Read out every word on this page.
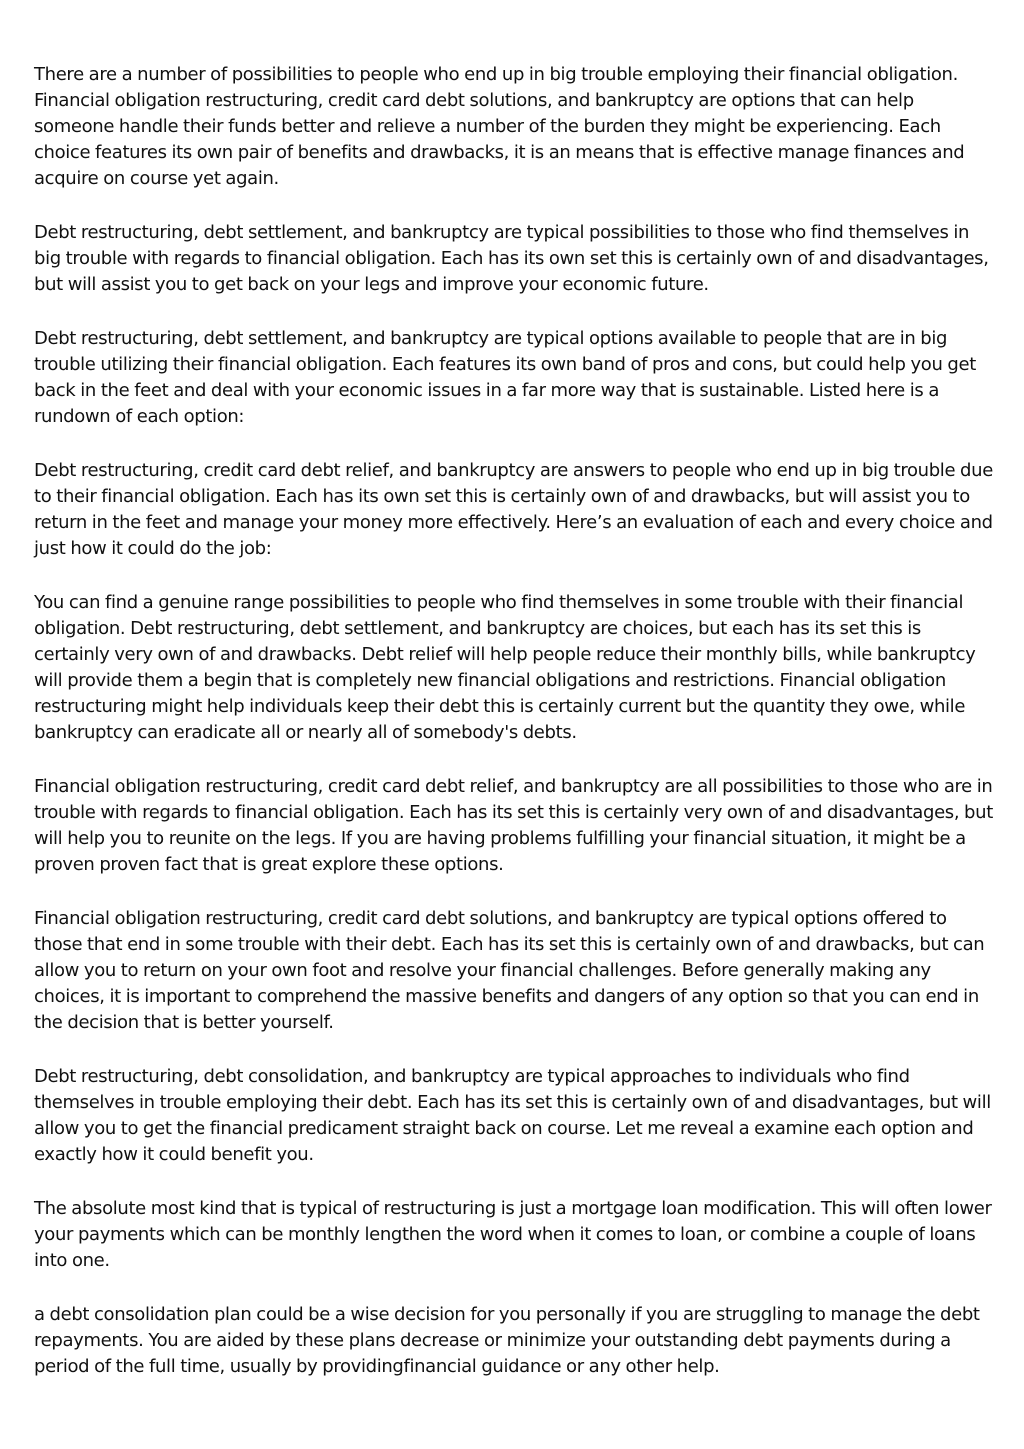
There are a number of possibilities to people who end up in big trouble employing their financial obligation. Financial obligation restructuring, credit card debt solutions, and bankruptcy are options that can help someone handle their funds better and relieve a number of the burden they might be experiencing. Each choice features its own pair of benefits and drawbacks, it is an means that is effective manage finances and acquire on course yet again.

Debt restructuring, debt settlement, and bankruptcy are typical possibilities to those who find themselves in big trouble with regards to financial obligation. Each has its own set this is certainly own of and disadvantages, but will assist you to get back on your legs and improve your economic future.

Debt restructuring, debt settlement, and bankruptcy are typical options available to people that are in big trouble utilizing their financial obligation. Each features its own band of pros and cons, but could help you get back in the feet and deal with your economic issues in a far more way that is sustainable. Listed here is a rundown of each option:

Debt restructuring, credit card debt relief, and bankruptcy are answers to people who end up in big trouble due to their financial obligation. Each has its own set this is certainly own of and drawbacks, but will assist you to return in the feet and manage your money more effectively. Here’s an evaluation of each and every choice and just how it could do the job:

You can find a genuine range possibilities to people who find themselves in some trouble with their financial obligation. Debt restructuring, debt settlement, and bankruptcy are choices, but each has its set this is certainly very own of and drawbacks. Debt relief will help people reduce their monthly bills, while bankruptcy will provide them a begin that is completely new financial obligations and restrictions. Financial obligation restructuring might help individuals keep their debt this is certainly current but the quantity they owe, while bankruptcy can eradicate all or nearly all of somebody's debts.

Financial obligation restructuring, credit card debt relief, and bankruptcy are all possibilities to those who are in trouble with regards to financial obligation. Each has its set this is certainly very own of and disadvantages, but will help you to reunite on the legs. If you are having problems fulfilling your financial situation, it might be a proven proven fact that is great explore these options.

Financial obligation restructuring, credit card debt solutions, and bankruptcy are typical options offered to those that end in some trouble with their debt. Each has its set this is certainly own of and drawbacks, but can allow you to return on your own foot and resolve your financial challenges. Before generally making any choices, it is important to comprehend the massive benefits and dangers of any option so that you can end in the decision that is better yourself.

Debt restructuring, debt consolidation, and bankruptcy are typical approaches to individuals who find themselves in trouble employing their debt. Each has its set this is certainly own of and disadvantages, but will allow you to get the financial predicament straight back on course. Let me reveal a examine each option and exactly how it could benefit you.

The absolute most kind that is typical of restructuring is just a mortgage loan modification. This will often lower your payments which can be monthly lengthen the word when it comes to loan, or combine a couple of loans into one.

a debt consolidation plan could be a wise decision for you personally if you are struggling to manage the debt repayments. You are aided by these plans decrease or minimize your outstanding debt payments during a period of the full time, usually by providingfinancial guidance or any other help.
